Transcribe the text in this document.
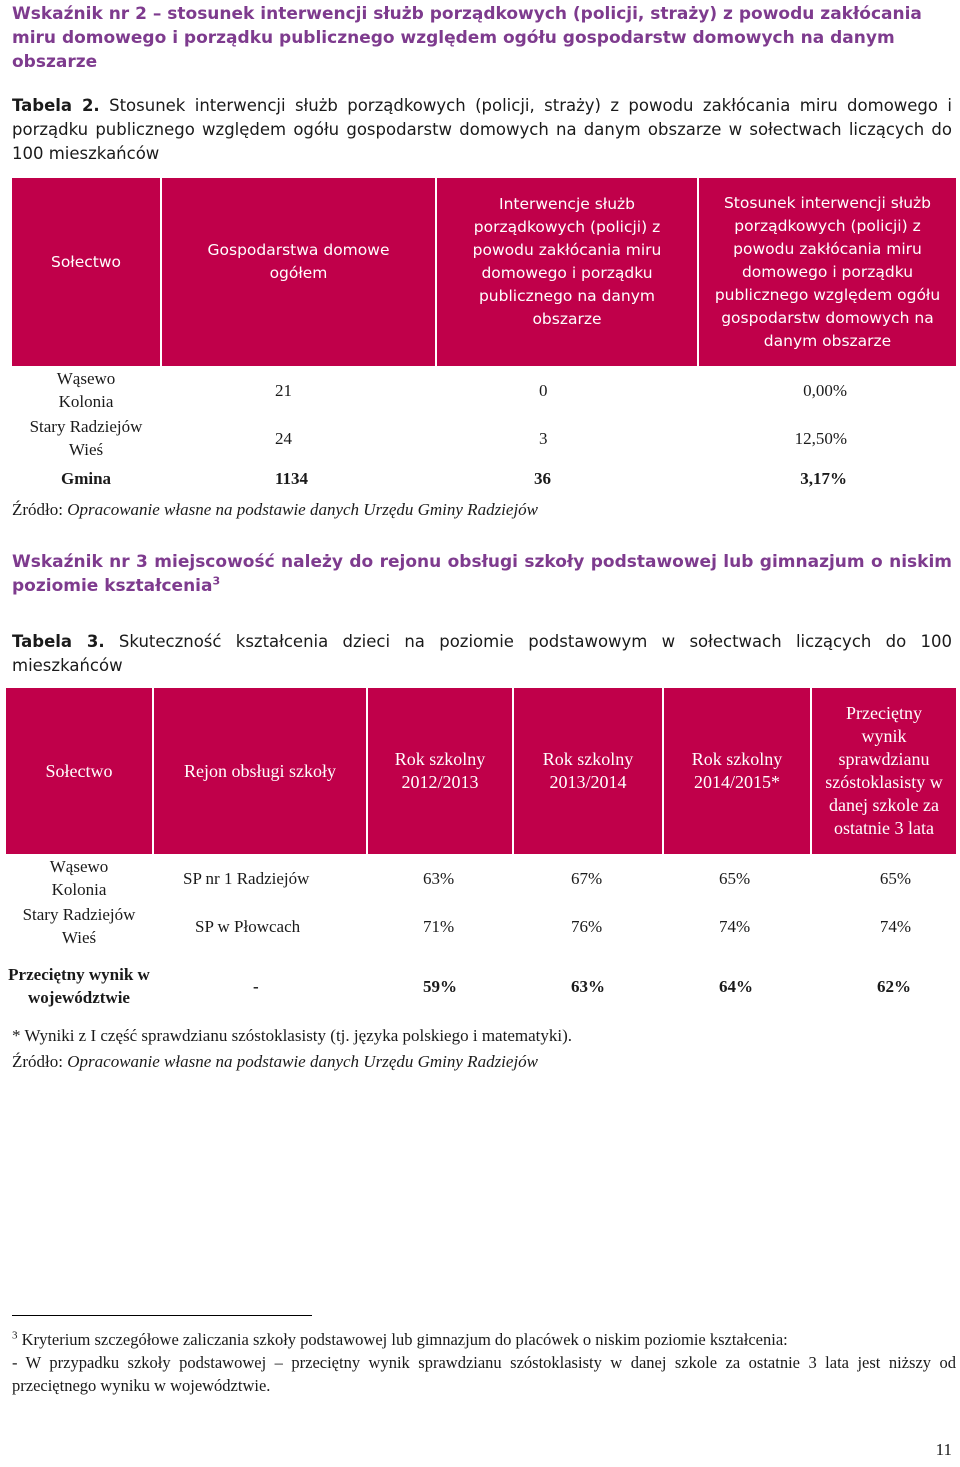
Wskaźnik nr 2 – stosunek interwencji służb porządkowych (policji, straży) z powodu zakłócania miru domowego i porządku publicznego względem ogółu gospodarstw domowych na danym obszarze
Tabela 2. Stosunek interwencji służb porządkowych (policji, straży) z powodu zakłócania miru domowego i porządku publicznego względem ogółu gospodarstw domowych na danym obszarze w sołectwach liczących do 100 mieszkańców
Sołectwo	Gospodarstwa domowe ogółem	Interwencje służb porządkowych (policji) z powodu zakłócania miru domowego i porządku publicznego na danym obszarze	Stosunek interwencji służb porządkowych (policji) z powodu zakłócania miru domowego i porządku publicznego względem ogółu gospodarstw domowych na danym obszarze
Wąsewo Kolonia	21	0	0,00%
Stary Radziejów Wieś	24	3	12,50%
Gmina	1134	36	3,17%
Źródło: Opracowanie własne na podstawie danych Urzędu Gminy Radziejów
Wskaźnik nr 3 miejscowość należy do rejonu obsługi szkoły podstawowej lub gimnazjum o niskim poziomie kształcenia$^3$
Tabela 3. Skuteczność kształcenia dzieci na poziomie podstawowym w sołectwach liczących do 100 mieszkańców
Sołectwo	Rejon obsługi szkoły	Rok szkolny 2012/2013	Rok szkolny 2013/2014	Rok szkolny 2014/2015*	Przeciętny wynik sprawdzianu szóstoklasisty w danej szkole za ostatnie 3 lata
Wąsewo Kolonia	SP nr 1 Radziejów	63%	67%	65%	65%
Stary Radziejów Wieś	SP w Płowcach	71%	76%	74%	74%
Przeciętny wynik w województwie	-	59%	63%	64%	62%
* Wyniki z I część sprawdzianu szóstoklasisty (tj. języka polskiego i matematyki).
Źródło: Opracowanie własne na podstawie danych Urzędu Gminy Radziejów
$^3$ Kryterium szczegółowe zaliczania szkoły podstawowej lub gimnazjum do placówek o niskim poziomie kształcenia:
- W przypadku szkoły podstawowej – przeciętny wynik sprawdzianu szóstoklasisty w danej szkole za ostatnie 3 lata jest niższy od przeciętnego wyniku w województwie.
11
